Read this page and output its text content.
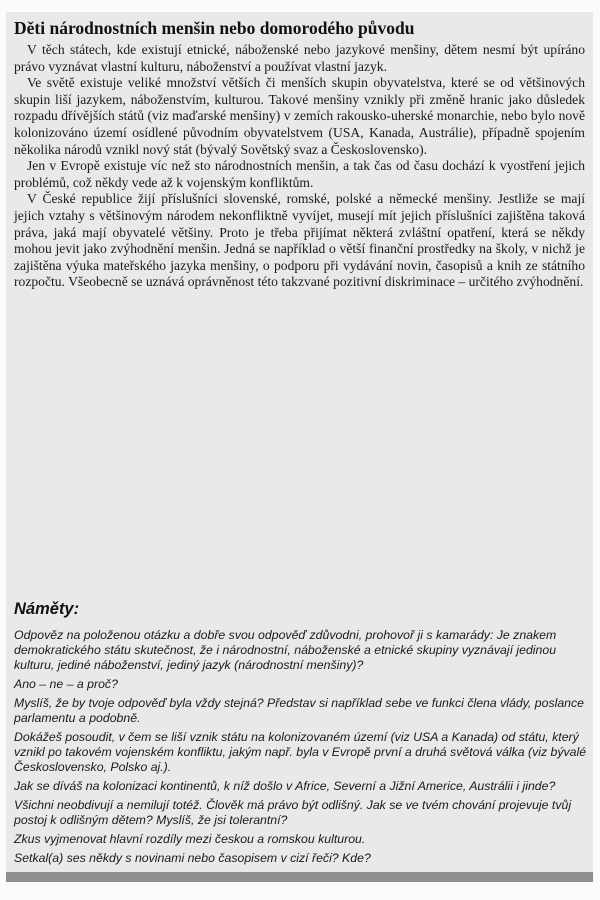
Děti národnostních menšin nebo domorodého původu

V těch státech, kde existují etnické, náboženské nebo jazykové menšiny, dětem nesmí být upíráno právo vyznávat vlastní kulturu, náboženství a používat vlastní jazyk.

Ve světě existuje veliké množství větších či menších skupin obyvatelstva, které se od většinových skupin liší jazykem, náboženstvím, kulturou. Takové menšiny vznikly při změně hranic jako důsledek rozpadu dřívějších států (viz maďarské menšiny) v zemích rakousko-uherské monarchie, nebo bylo nově kolonizováno území osídlené původním obyvatelstvem (USA, Kanada, Austrálie), případně spojením několika národů vznikl nový stát (bývalý Sovětský svaz a Československo).

Jen v Evropě existuje víc než sto národnostních menšin, a tak čas od času dochází k vyostření jejich problémů, což někdy vede až k vojenským konfliktům.

V České republice žijí příslušníci slovenské, romské, polské a německé menšiny. Jestliže se mají jejich vztahy s většinovým národem nekonfliktně vyvíjet, musejí mít jejich příslušníci zajištěna taková práva, jaká mají obyvatelé většiny. Proto je třeba přijímat některá zvláštní opatření, která se někdy mohou jevit jako zvýhodnění menšin. Jedná se například o větší finanční prostředky na školy, v nichž je zajištěna výuka mateřského jazyka menšiny, o podporu při vydávání novin, časopisů a knih ze státního rozpočtu. Všeobecně se uznává oprávněnost této takzvané pozitivní diskriminace – určitého zvýhodnění.

Náměty:

Odpověz na položenou otázku a dobře svou odpověď zdůvodni, prohovoř ji s kamarády: Je znakem demokratického státu skutečnost, že i národnostní, náboženské a etnické skupiny vyznávají jedinou kulturu, jediné náboženství, jediný jazyk (národnostní menšiny)?

Ano – ne – a proč?

Myslíš, že by tvoje odpověď byla vždy stejná? Představ si například sebe ve funkci člena vlády, poslance parlamentu a podobně.

Dokážeš posoudit, v čem se liší vznik státu na kolonizovaném území (viz USA a Kanada) od státu, který vznikl po takovém vojenském konfliktu, jakým např. byla v Evropě první a druhá světová válka (viz bývalé Československo, Polsko aj.).

Jak se díváš na kolonizaci kontinentů, k níž došlo v Africe, Severní a Jižní Americe, Austrálii i jinde?

Všichni neobdivují a nemilují totéž. Člověk má právo být odlišný. Jak se ve tvém chování projevuje tvůj postoj k odlišným dětem? Myslíš, že jsi tolerantní?

Zkus vyjmenovat hlavní rozdíly mezi českou a romskou kulturou.

Setkal(a) ses někdy s novinami nebo časopisem v cizí řeči? Kde?
